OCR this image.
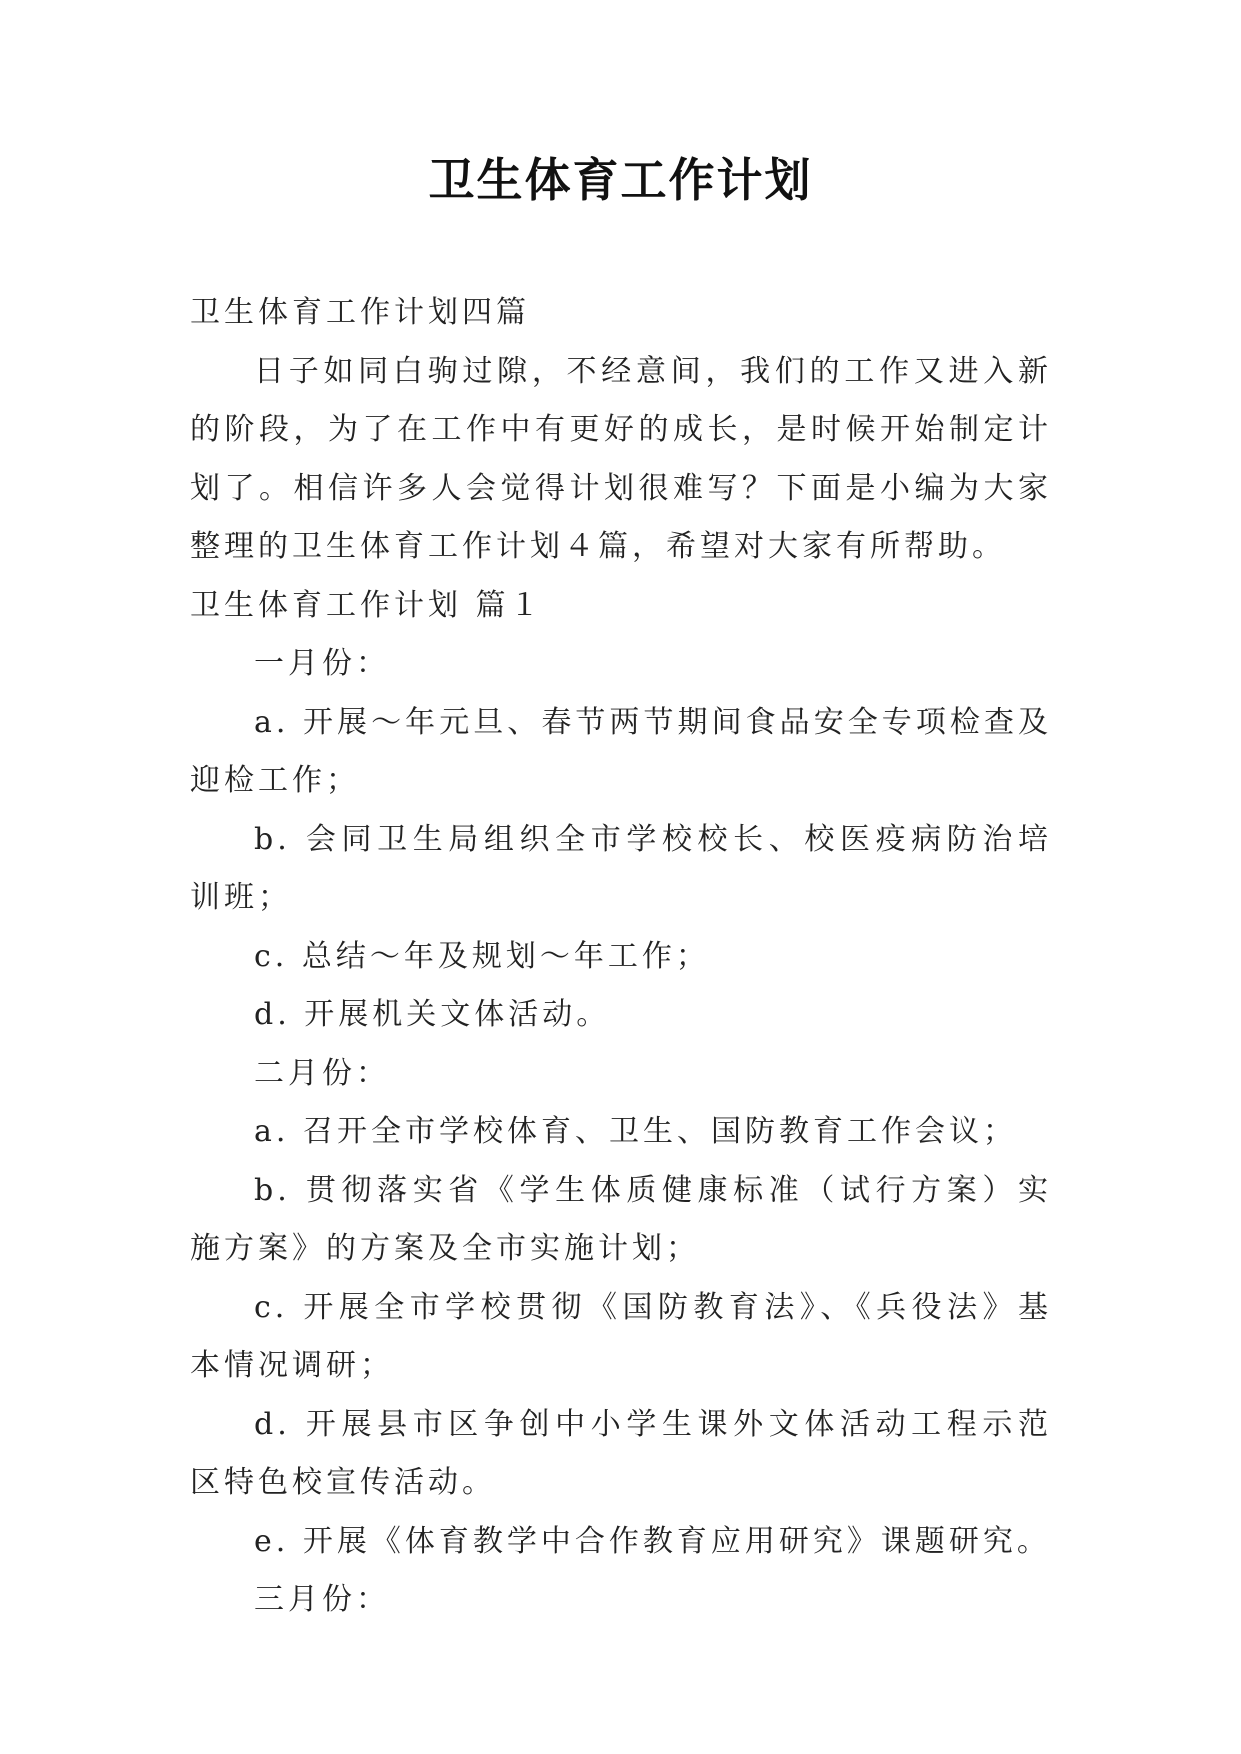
卫生体育工作计划

卫生体育工作计划四篇

日子如同白驹过隙，不经意间，我们的工作又进入新的阶段，为了在工作中有更好的成长，是时候开始制定计划了。相信许多人会觉得计划很难写？下面是小编为大家整理的卫生体育工作计划４篇，希望对大家有所帮助。

卫生体育工作计划 篇１

一月份：

a. 开展～年元旦、春节两节期间食品安全专项检查及迎检工作；

b. 会同卫生局组织全市学校校长、校医疫病防治培训班；

c. 总结～年及规划～年工作；

d. 开展机关文体活动。

二月份：

a. 召开全市学校体育、卫生、国防教育工作会议；

b. 贯彻落实省《学生体质健康标准（试行方案）实施方案》的方案及全市实施计划；

c. 开展全市学校贯彻《国防教育法》、《兵役法》基本情况调研；

d. 开展县市区争创中小学生课外文体活动工程示范区特色校宣传活动。

e. 开展《体育教学中合作教育应用研究》课题研究。

三月份：
